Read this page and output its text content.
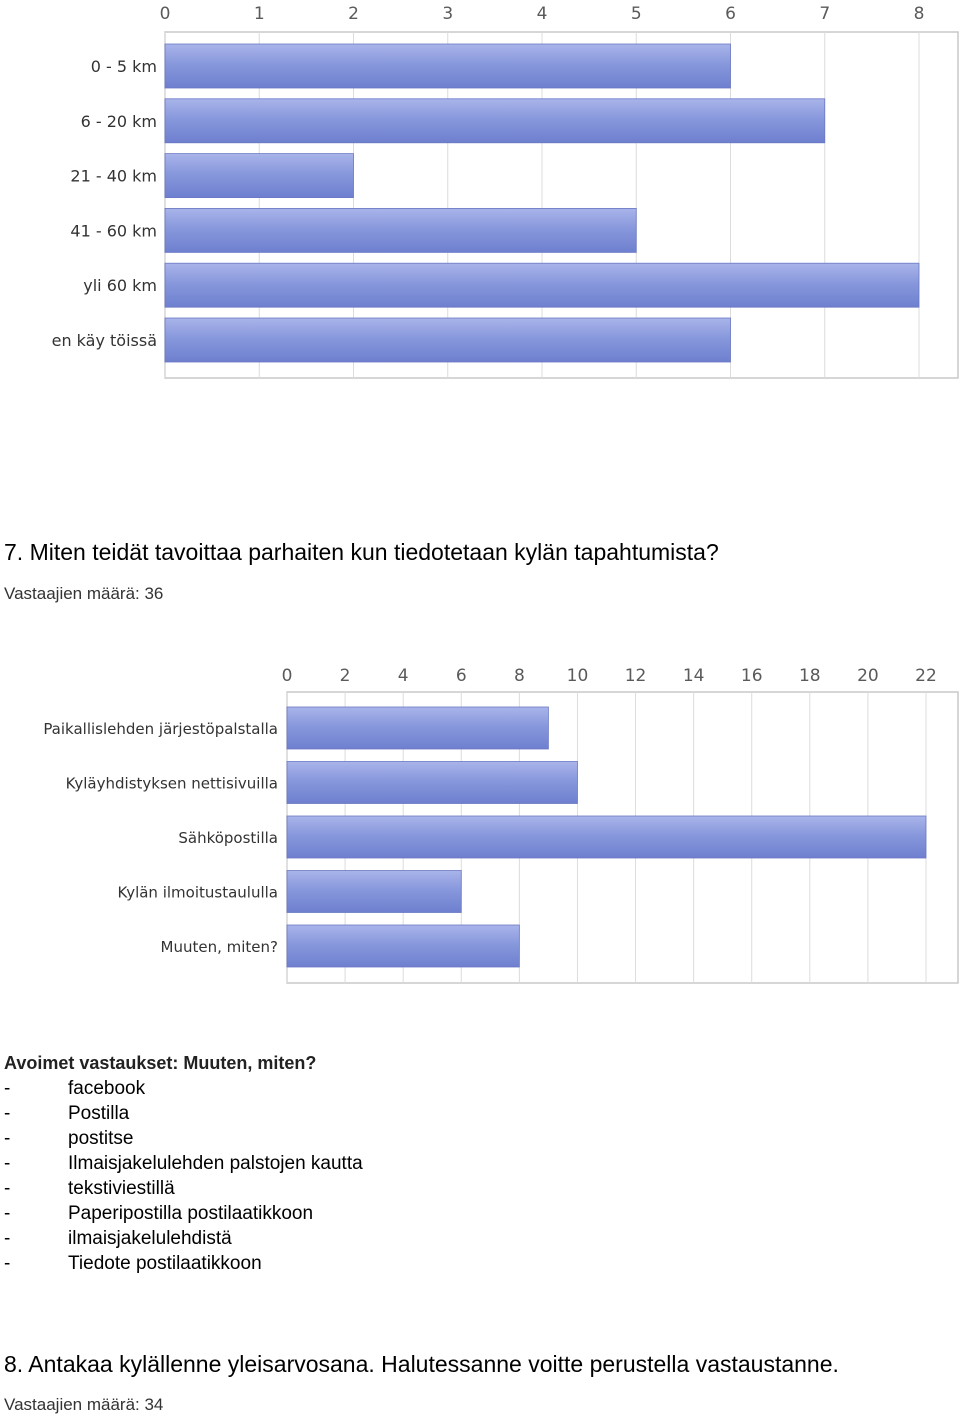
0	1	2	3	4	5	6	7	8
0 - 5 km
6 - 20 km
21 - 40 km
41 - 60 km
yli 60 km
en käy töissä
7. Miten teidät tavoittaa parhaiten kun tiedotetaan kylän tapahtumista?
Vastaajien määrä: 36
0	2	4	6	8 10 12 14 16 18 20 22
Paikallislehden järjestöpalstalla
Kyläyhdistyksen nettisivuilla
Sähköpostilla
Kylän ilmoitustaululla
Muuten, miten?
Avoimet vastaukset: Muuten, miten?
-	facebook
-	Postilla
-	postitse
-	Ilmaisjakelulehden palstojen kautta
-	tekstiviestillä
-	Paperipostilla postilaatikkoon
-	ilmaisjakelulehdistä
-	Tiedote postilaatikkoon
8. Antakaa kylällenne yleisarvosana. Halutessanne voitte perustella vastaustanne.
Vastaajien määrä: 34
